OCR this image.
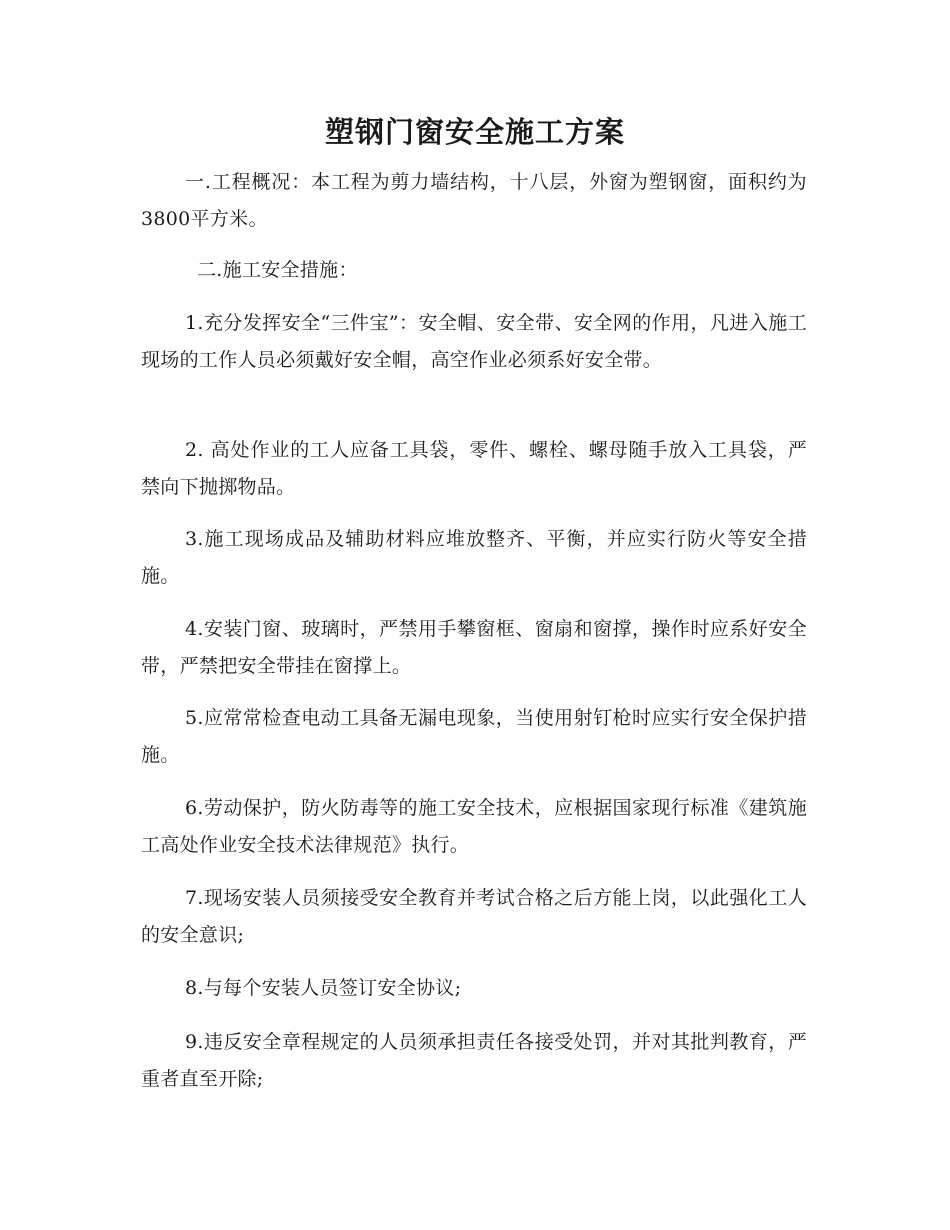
塑钢门窗安全施工方案

一.工程概况：本工程为剪力墙结构，十八层，外窗为塑钢窗，面积约为3800平方米。

二.施工安全措施：

1.充分发挥安全“三件宝”：安全帽、安全带、安全网的作用，凡进入施工现场的工作人员必须戴好安全帽，高空作业必须系好安全带。

2. 高处作业的工人应备工具袋，零件、螺栓、螺母随手放入工具袋，严禁向下抛掷物品。

3.施工现场成品及辅助材料应堆放整齐、平衡，并应实行防火等安全措施。

4.安装门窗、玻璃时，严禁用手攀窗框、窗扇和窗撑，操作时应系好安全带，严禁把安全带挂在窗撑上。

5.应常常检查电动工具备无漏电现象，当使用射钉枪时应实行安全保护措施。

6.劳动保护，防火防毒等的施工安全技术，应根据国家现行标准《建筑施工高处作业安全技术法律规范》执行。

7.现场安装人员须接受安全教育并考试合格之后方能上岗，以此强化工人的安全意识;

8.与每个安装人员签订安全协议;

9.违反安全章程规定的人员须承担责任各接受处罚，并对其批判教育，严重者直至开除;
